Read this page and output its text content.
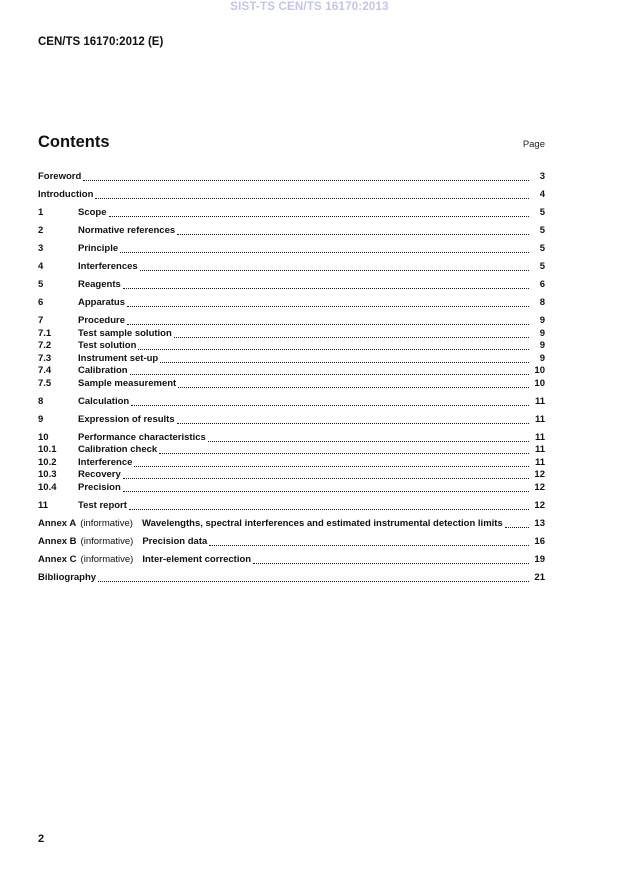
SIST-TS CEN/TS 16170:2013
CEN/TS 16170:2012 (E)
Contents	Page
Foreword	3
Introduction	4
1	Scope	5
2	Normative references	5
3	Principle	5
4	Interferences	5
5	Reagents	6
6	Apparatus	8
7	Procedure	9
7.1	Test sample solution	9
7.2	Test solution	9
7.3	Instrument set-up	9
7.4	Calibration	10
7.5	Sample measurement	10
8	Calculation	11
9	Expression of results	11
10	Performance characteristics	11
10.1	Calibration check	11
10.2	Interference	11
10.3	Recovery	12
10.4	Precision	12
11	Test report	12
Annex A (informative) Wavelengths, spectral interferences and estimated instrumental detection limits	13
Annex B (informative) Precision data	16
Annex C (informative) Inter-element correction	19
Bibliography	21
2
